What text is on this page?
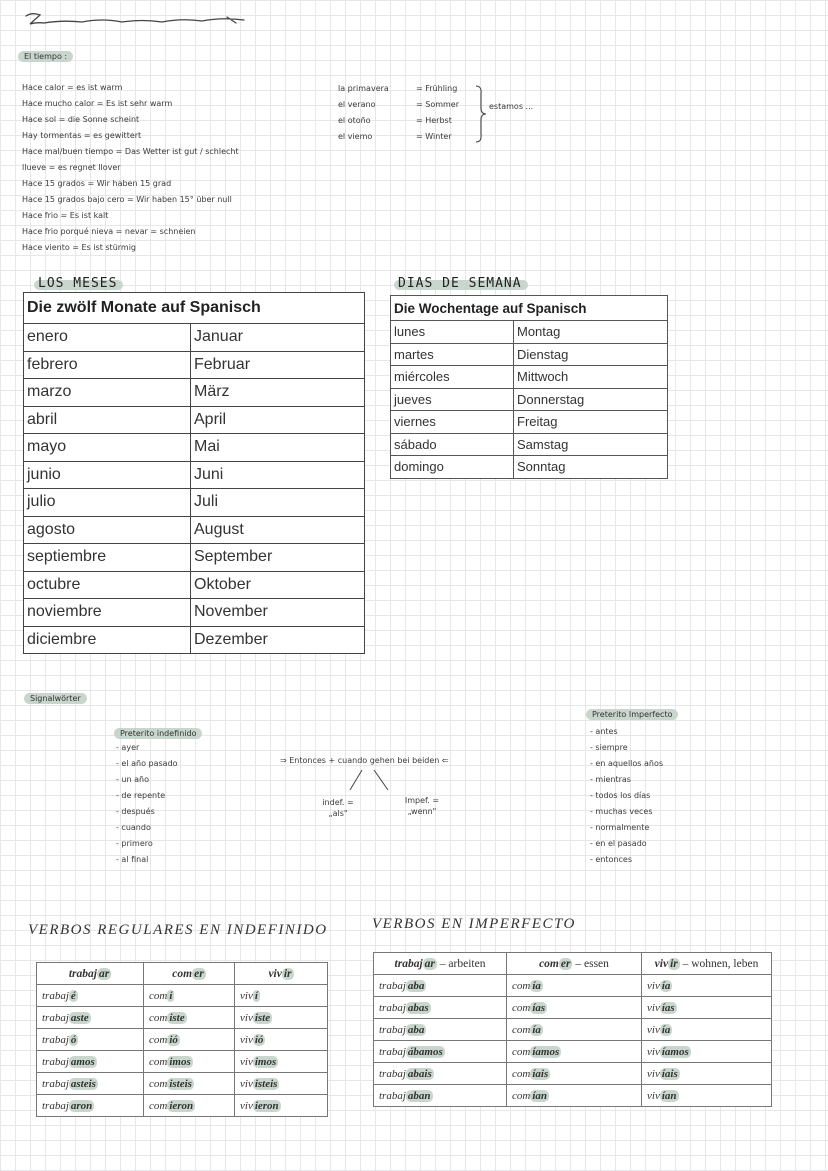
El tiempo :
Hace calor = es ist warm
Hace mucho calor = Es ist sehr warm
Hace sol = die Sonne scheint
Hay tormentas = es gewittert
Hace mal/buen tiempo = Das Wetter ist gut / schlecht
llueve = es regnet llover
Hace 15 grados = Wir haben 15 grad
Hace 15 grados bajo cero = Wir haben 15° über null
Hace frio = Es ist kalt
Hace frio porqué nieva = nevar = schneien
Hace viento = Es ist stürmig
la primavera	= Frühling
el verano	= Sommer
el otoño	= Herbst
el viemo	= Winter
estamos ...
LOS MESES
Die zwölf Monate auf Spanisch	
enero	Januar
febrero	Februar
marzo	März
abril	April
mayo	Mai
junio	Juni
julio	Juli
agosto	August
septiembre	September
octubre	Oktober
noviembre	November
diciembre	Dezember
DIAS DE SEMANA
Die Wochentage auf Spanisch	
lunes	Montag
martes	Dienstag
miércoles	Mittwoch
jueves	Donnerstag
viernes	Freitag
sábado	Samstag
domingo	Sonntag
Signalwörter
Preterito indefinido
- ayer
- el año pasado
- un año
- de repente
- después
- cuando
- primero
- al final
⇒ Entonces + cuando gehen bei beiden ⇐
indef. = „als"
Impef. = „wenn"
Preterito Imperfecto
- antes
- siempre
- en aquellos años
- mientras
- todos los días
- muchas veces
- normalmente
- en el pasado
- entonces
VERBOS REGULARES EN INDEFINIDO
trabaj ar	com er	viv ir
trabaj é	com í	viv í
trabaj aste	com iste	viv iste
trabaj ó	com ió	viv ió
trabaj amos	com imos	viv imos
trabaj asteis	com isteis	viv isteis
trabaj aron	com ieron	viv ieron
VERBOS EN IMPERFECTO
trabaj ar – arbeiten	com er – essen	viv ir – wohnen, leben
trabaj aba	com ía	viv ía
trabaj abas	com ías	viv ías
trabaj aba	com ía	viv ía
trabaj ábamos	com íamos	viv íamos
trabaj abais	com íais	viv íais
trabaj aban	com ían	viv ían
